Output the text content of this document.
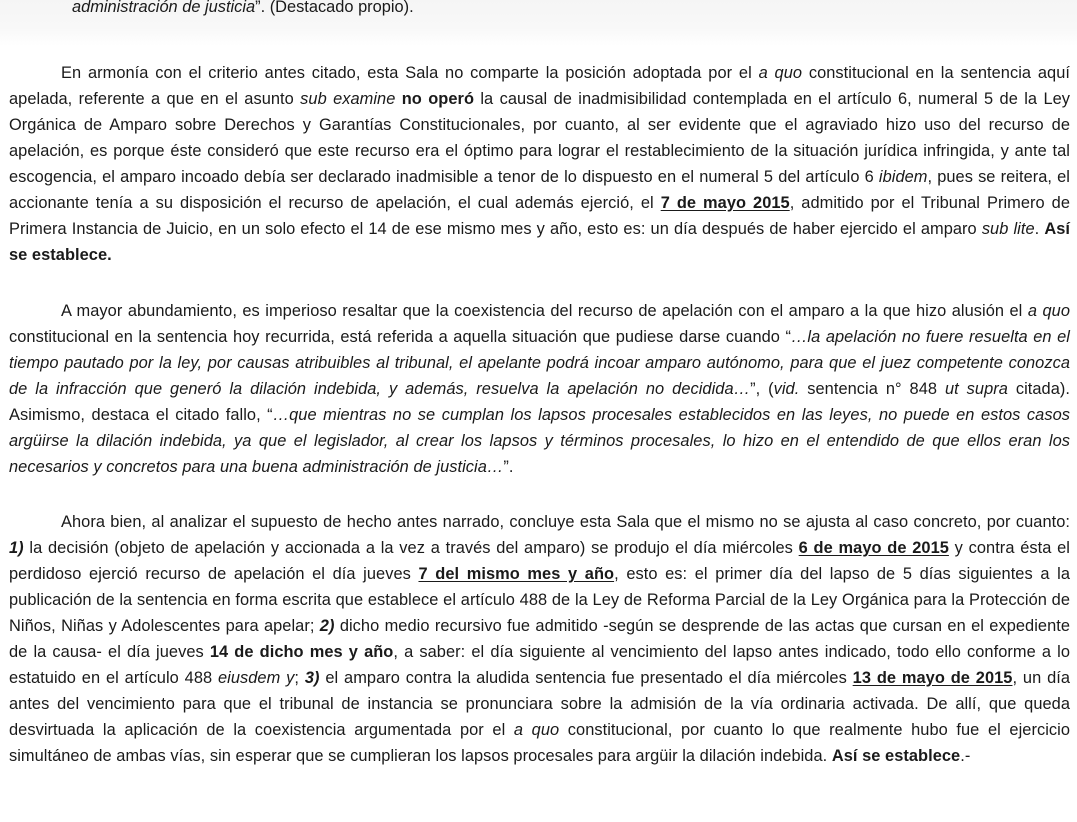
administración de justicia”. (Destacado propio).

En armonía con el criterio antes citado, esta Sala no comparte la posición adoptada por el a quo constitucional en la sentencia aquí apelada, referente a que en el asunto sub examine no operó la causal de inadmisibilidad contemplada en el artículo 6, numeral 5 de la Ley Orgánica de Amparo sobre Derechos y Garantías Constitucionales, por cuanto, al ser evidente que el agraviado hizo uso del recurso de apelación, es porque éste consideró que este recurso era el óptimo para lograr el restablecimiento de la situación jurídica infringida, y ante tal escogencia, el amparo incoado debía ser declarado inadmisible a tenor de lo dispuesto en el numeral 5 del artículo 6 ibidem, pues se reitera, el accionante tenía a su disposición el recurso de apelación, el cual además ejerció, el 7 de mayo 2015, admitido por el Tribunal Primero de Primera Instancia de Juicio, en un solo efecto el 14 de ese mismo mes y año, esto es: un día después de haber ejercido el amparo sub lite. Así se establece.

A mayor abundamiento, es imperioso resaltar que la coexistencia del recurso de apelación con el amparo a la que hizo alusión el a quo constitucional en la sentencia hoy recurrida, está referida a aquella situación que pudiese darse cuando “…la apelación no fuere resuelta en el tiempo pautado por la ley, por causas atribuibles al tribunal, el apelante podrá incoar amparo autónomo, para que el juez competente conozca de la infracción que generó la dilación indebida, y además, resuelva la apelación no decidida…”, (vid. sentencia n° 848 ut supra citada). Asimismo, destaca el citado fallo, “…que mientras no se cumplan los lapsos procesales establecidos en las leyes, no puede en estos casos argüirse la dilación indebida, ya que el legislador, al crear los lapsos y términos procesales, lo hizo en el entendido de que ellos eran los necesarios y concretos para una buena administración de justicia…”.

Ahora bien, al analizar el supuesto de hecho antes narrado, concluye esta Sala que el mismo no se ajusta al caso concreto, por cuanto: 1) la decisión (objeto de apelación y accionada a la vez a través del amparo) se produjo el día miércoles 6 de mayo de 2015 y contra ésta el perdidoso ejerció recurso de apelación el día jueves 7 del mismo mes y año, esto es: el primer día del lapso de 5 días siguientes a la publicación de la sentencia en forma escrita que establece el artículo 488 de la Ley de Reforma Parcial de la Ley Orgánica para la Protección de Niños, Niñas y Adolescentes para apelar; 2) dicho medio recursivo fue admitido -según se desprende de las actas que cursan en el expediente de la causa- el día jueves 14 de dicho mes y año, a saber: el día siguiente al vencimiento del lapso antes indicado, todo ello conforme a lo estatuido en el artículo 488 eiusdem y; 3) el amparo contra la aludida sentencia fue presentado el día miércoles 13 de mayo de 2015, un día antes del vencimiento para que el tribunal de instancia se pronunciara sobre la admisión de la vía ordinaria activada. De allí, que queda desvirtuada la aplicación de la coexistencia argumentada por el a quo constitucional, por cuanto lo que realmente hubo fue el ejercicio simultáneo de ambas vías, sin esperar que se cumplieran los lapsos procesales para argüir la dilación indebida. Así se establece.-
